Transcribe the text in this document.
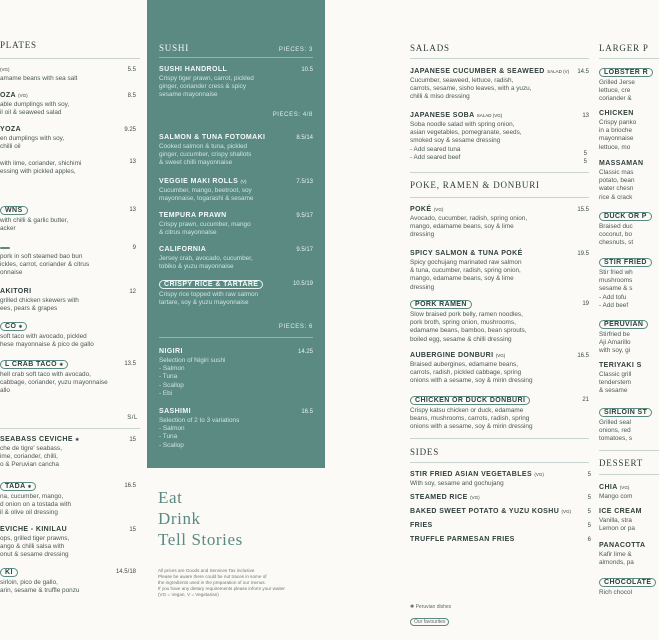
PLATES
(VG)	5.5
amame beans with sea salt
OZA (VG)	8.5
able dumplings with soy,
il oil & seaweed salad
YOZA	9.25
en dumplings with soy,
chilli oil
13
with lime, coriander, shichimi
essing with pickled apples,
WNS	13
with chilli & garlic butter,
acker
9
pork in soft steamed bao bun
ickles, carrot, coriander & citrus
onnaise
AKITORI	12
grilled chicken skewers with
ees, pears & grapes
CO ✱
soft taco with avocado, pickled
hese mayonnaise & pico de gallo
L CRAB TACO ✱	13.5
hell crab soft taco with avocado,
cabbage, coriander, yuzu mayonnaise
allo
S/L
SEABASS CEVICHE ✱	15
che de tigre' seabass,
ime, coriander, chilli,
o & Peruvian cancha
TADA ✱	16.5
na, cucumber, mango,
d onion on a tostada with
il & olive oil dressing
EVICHE - KINILAU	15
ops, grilled tiger prawns,
ango & chilli salsa with
onut & sesame dressing
KI	14.5/18
sirloin, pico de gallo,
arin, sesame & truffle ponzu
SUSHI	PIECES: 3
SUSHI HANDROLL	10.5
Crispy tiger prawn, carrot, pickled
ginger, coriander cress & spicy
sesame mayonnaise
PIECES: 4/8
SALMON & TUNA FOTOMAKI	8.5/14
Cooked salmon & tuna, pickled
ginger, cucumber, crispy shallots
& sweet chilli mayonnaise
VEGGIE MAKI ROLLS (V)	7.5/13
Cucumber, mango, beetroot, soy
mayonnaise, togarashi & sesame
TEMPURA PRAWN	9.5/17
Crispy prawn, cucumber, mango
& citrus mayonnaise
CALIFORNIA	9.5/17
Jersey crab, avocado, cucumber,
tobiko & yuzu mayonnaise
CRISPY RICE & TARTARE	10.5/19
Crispy rice topped with raw salmon
tartare, soy & yuzu mayonnaise
PIECES: 6
NIGIRI	14.25
Selection of Nigiri sushi
- Salmon
- Tuna
- Scallop
- Ebi
SASHIMI	16.5
Selection of 2 to 3 variations
- Salmon
- Tuna
- Scallop
Eat
Drink
Tell Stories
All prices are Goods and Services Tax inclusive
Please be aware there could be nut traces in some of
the ingredients used in the preparation of our menus.
If you have any dietary requirements please inform your waiter
(VG = Vegan, V = Vegetarian)
SALADS
JAPANESE CUCUMBER & SEAWEED SALAD (V)	14.5
Cucumber, seaweed, lettuce, radish,
carrots, sesame, sisho leaves, with a yuzu,
chilli & miso dressing
JAPANESE SOBA SALAD (VG)	13
Soba noodle salad with spring onion,
asian vegetables, pomegranate, seeds,
smoked soy & sesame dressing
- Add seared tuna
- Add seared beef	5
5
POKE, RAMEN & DONBURI
POKÉ (VG)	15.5
Avocado, cucumber, radish, spring onion,
mango, edamame beans, soy & lime
dressing
SPICY SALMON & TUNA POKÉ	19.5
Spicy gochujang marinated raw salmon
& tuna, cucumber, radish, spring onion,
mango, edamame beans, soy & lime
dressing
PORK RAMEN	19
Slow braised pork belly, ramen noodles,
pork broth, spring onion, mushrooms,
edamame beans, bamboo, bean sprouts,
boiled egg, sesame & chilli dressing
AUBERGINE DONBURI (VG)	16.5
Braised aubergines, edamame beans,
carrots, radish, pickled cabbage, spring
onions with a sesame, soy & mirin dressing
CHICKEN OR DUCK DONBURI	21
Crispy katsu chicken or duck, edamame
beans, mushrooms, carrots, radish, spring
onions with a sesame, soy & mirin dressing
SIDES
STIR FRIED ASIAN VEGETABLES (VG)	5
With soy, sesame and gochujang
STEAMED RICE (VG)	5
BAKED SWEET POTATO & YUZU KOSHU (VG)	5
FRIES	5
TRUFFLE PARMESAN FRIES	6
✱ Peruvian dishes
Our favourites
LARGER P
LOBSTER R
Grilled Jerse
lettuce, cre
coriander &
CHICKEN
Crispy panko
in a brioche
mayonnaise
lettuce, mo
MASSAMAN
Classic mas
potato, bean
water chesn
rice & crack
DUCK OR P
Braised duc
coconut, bo
chesnuts, st
STIR FRIED
Stir fried wh
mushrooms
sesame & s
- Add tofu
- Add beef
PERUVIAN
Stirfried be
Aji Amarillo
with soy, gi
TERIYAKI S
Classic grill
tenderstem
& sesame
SIRLOIN ST
Grilled seal
onions, red
tomatoes, s
DESSERT
CHIA (VG)
Mango com
ICE CREAM
Vanilla, stra
Lemon or pa
PANACOTTA
Kafir lime &
almonds, pa
CHOCOLATE
Rich chocol
